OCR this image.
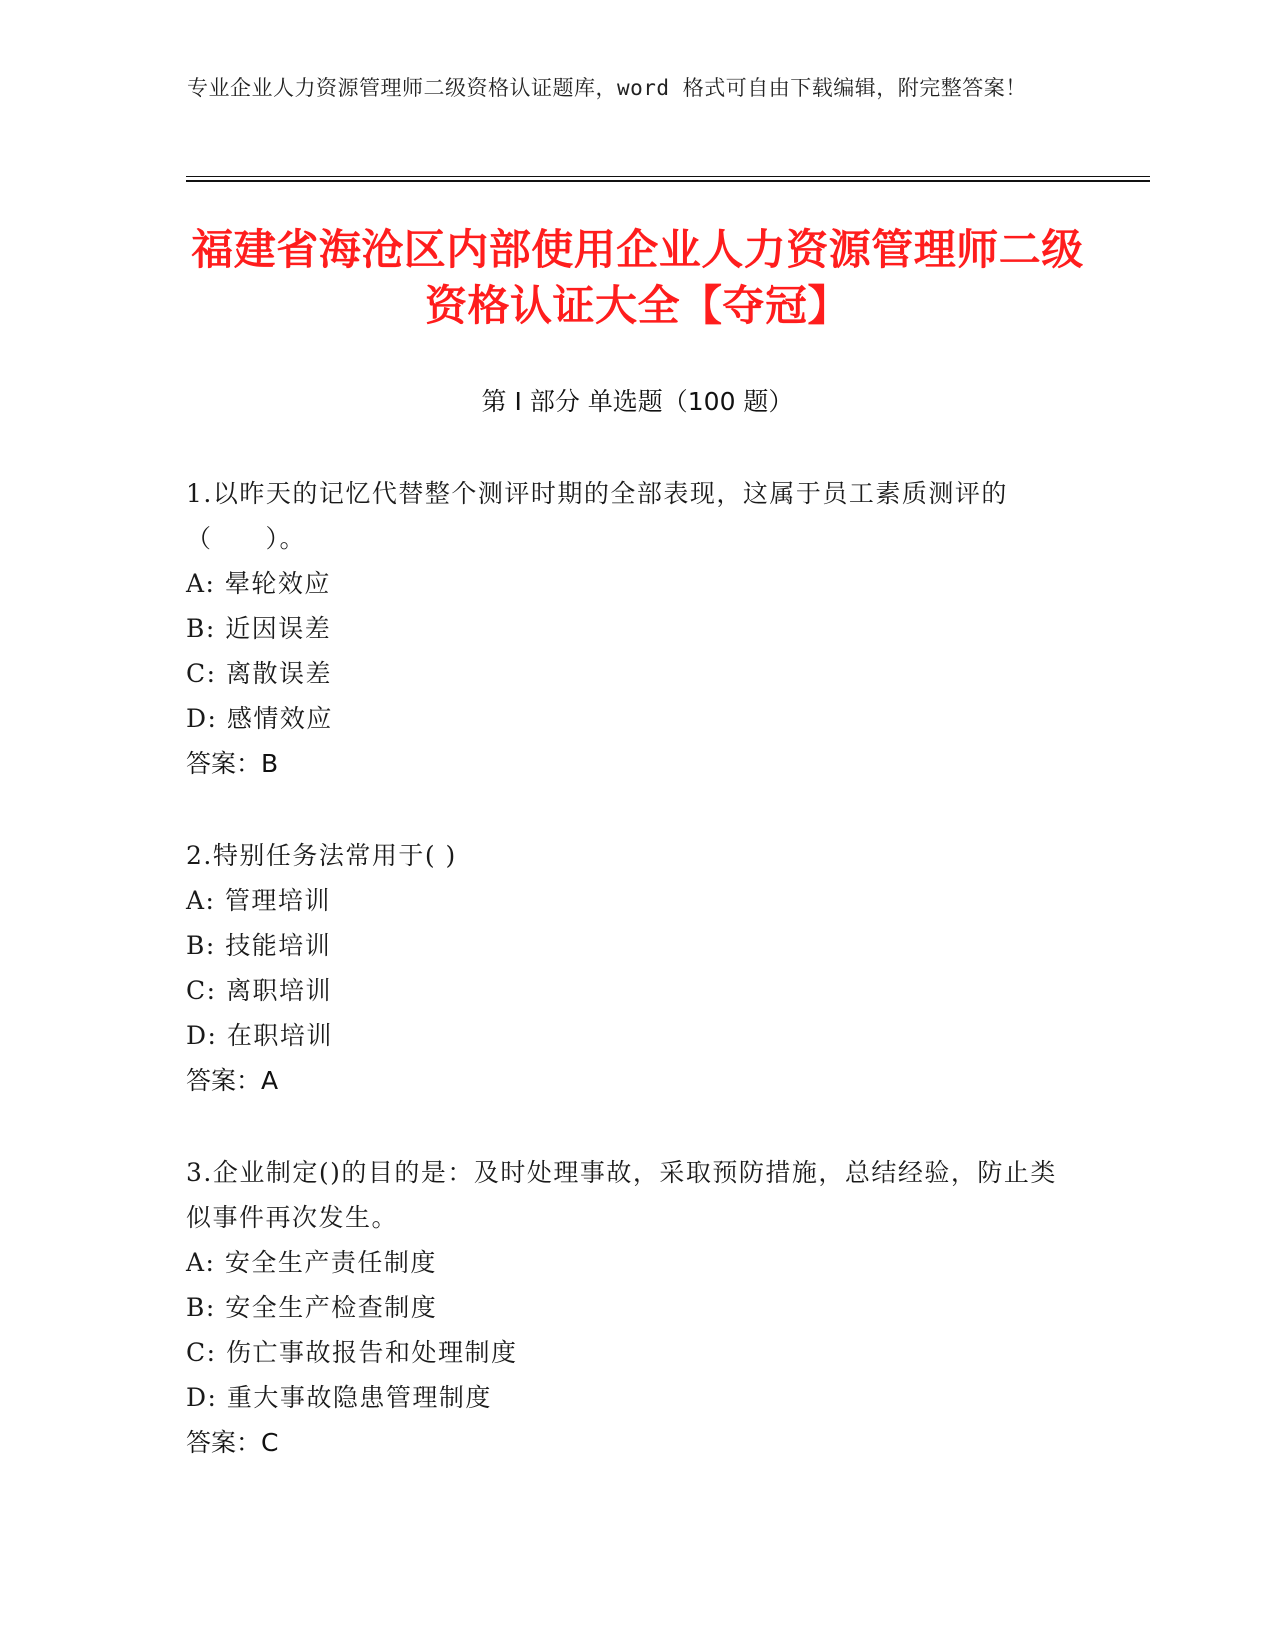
专业企业人力资源管理师二级资格认证题库，word 格式可自由下载编辑，附完整答案！
福建省海沧区内部使用企业人力资源管理师二级资格认证大全【夺冠】
第 I 部分 单选题（100 题）
1.以昨天的记忆代替整个测评时期的全部表现，这属于员工素质测评的（　　）。
A: 晕轮效应
B: 近因误差
C: 离散误差
D: 感情效应
答案：B
2.特别任务法常用于( )
A: 管理培训
B: 技能培训
C: 离职培训
D: 在职培训
答案：A
3.企业制定()的目的是：及时处理事故，采取预防措施，总结经验，防止类似事件再次发生。
A: 安全生产责任制度
B: 安全生产检查制度
C: 伤亡事故报告和处理制度
D: 重大事故隐患管理制度
答案：C
